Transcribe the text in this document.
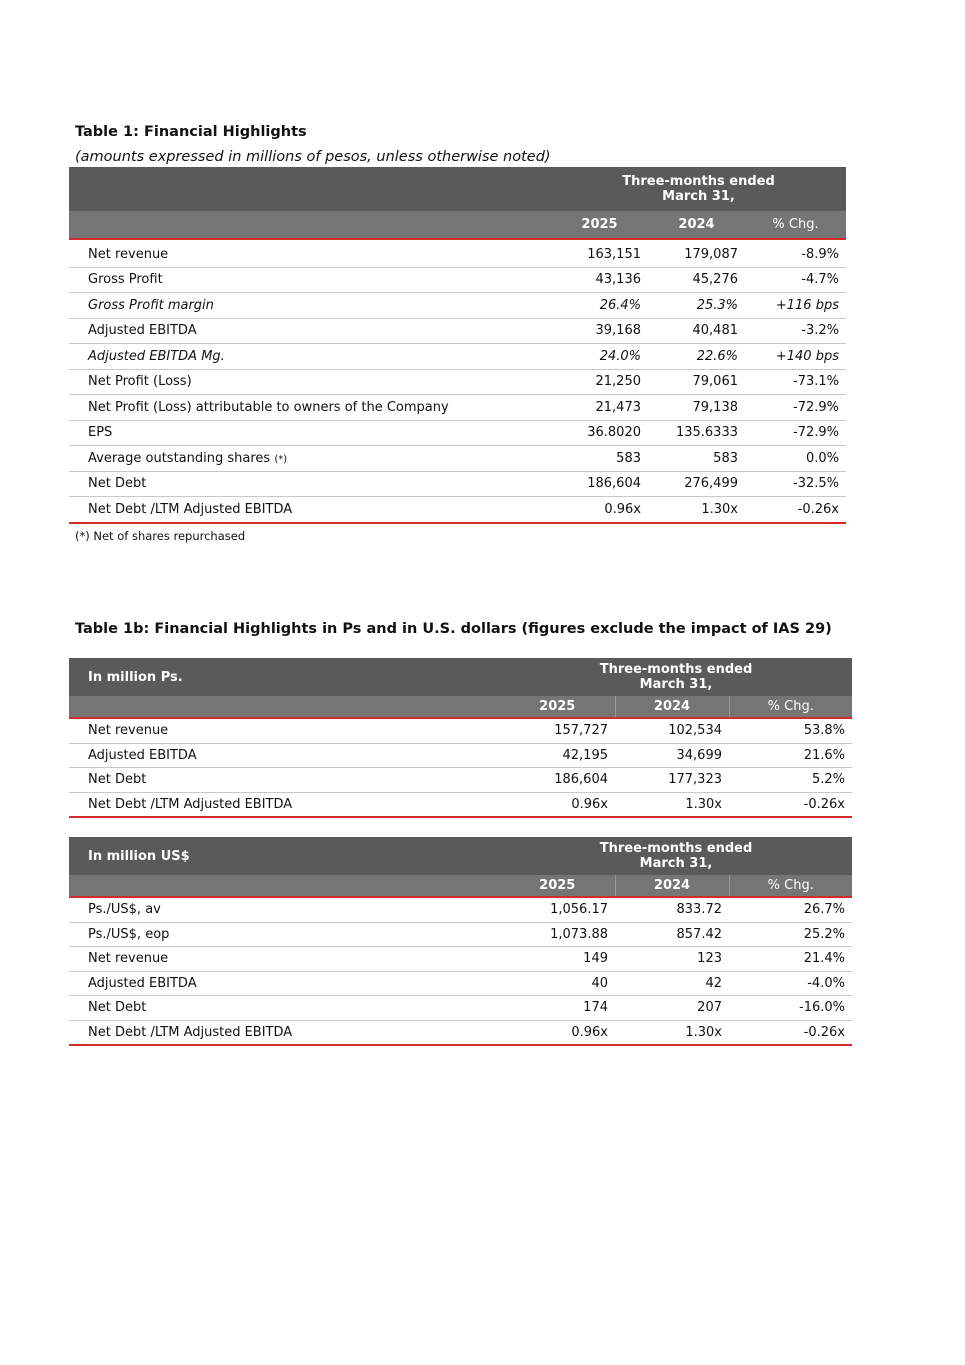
Table 1: Financial Highlights
(amounts expressed in millions of pesos, unless otherwise noted)

	Three-months ended
March 31,		

	2025	2024	% Chg.

Net revenue	163,151	179,087	-8.9%
Gross Profit	43,136	45,276	-4.7%
Gross Profit margin	26.4%	25.3%	+116 bps
Adjusted EBITDA	39,168	40,481	-3.2%
Adjusted EBITDA Mg.	24.0%	22.6%	+140 bps
Net Profit (Loss)	21,250	79,061	-73.1%
Net Profit (Loss) attributable to owners of the Company	21,473	79,138	-72.9%
EPS	36.8020	135.6333	-72.9%
Average outstanding shares (*)	583	583	0.0%
Net Debt	186,604	276,499	-32.5%
Net Debt /LTM Adjusted EBITDA	0.96x	1.30x	-0.26x
(*) Net of shares repurchased
Table 1b: Financial Highlights in Ps and in U.S. dollars (figures exclude the impact of IAS 29)
In million Ps.	Three-months ended
March 31,		

	2025	2024	% Chg.
Net revenue	157,727	102,534	53.8%
Adjusted EBITDA	42,195	34,699	21.6%
Net Debt	186,604	177,323	5.2%
Net Debt /LTM Adjusted EBITDA	0.96x	1.30x	-0.26x
In million US$	Three-months ended
March 31,		

	2025	2024	% Chg.
Ps./US$, av	1,056.17	833.72	26.7%
Ps./US$, eop	1,073.88	857.42	25.2%
Net revenue	149	123	21.4%
Adjusted EBITDA	40	42	-4.0%
Net Debt	174	207	-16.0%
Net Debt /LTM Adjusted EBITDA	0.96x	1.30x	-0.26x
